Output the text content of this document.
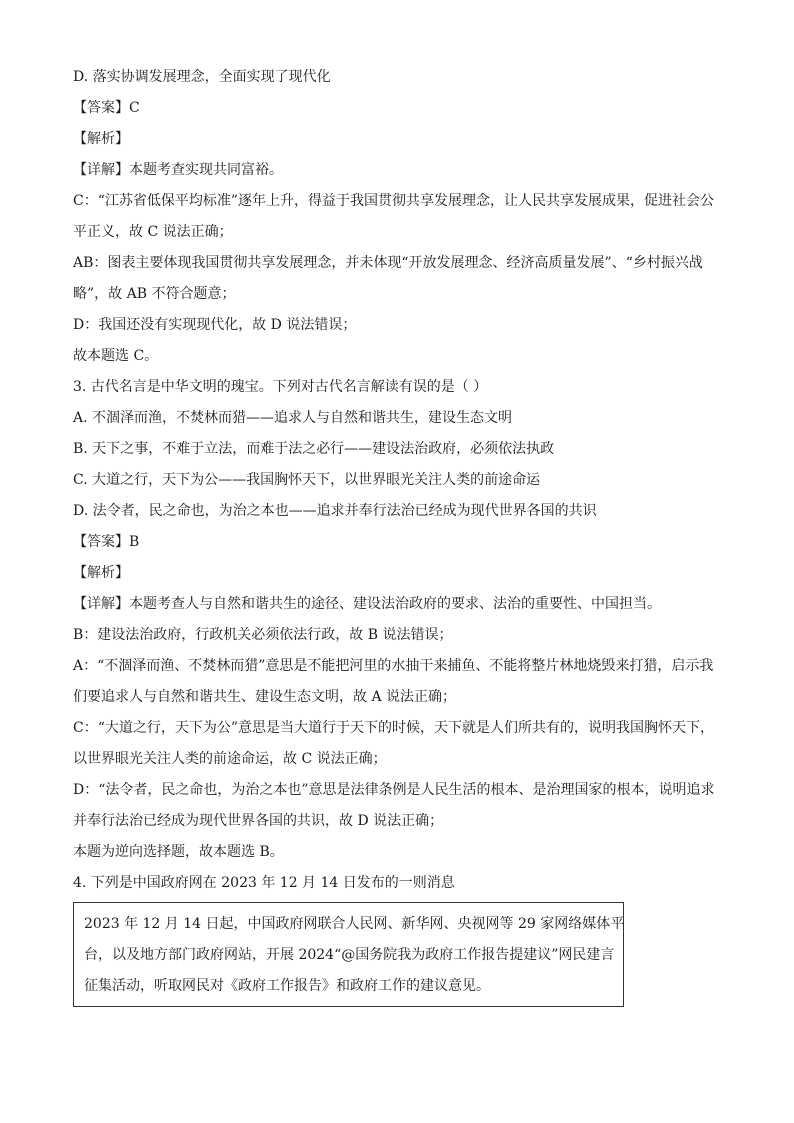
D. 落实协调发展理念，全面实现了现代化
【答案】C
【解析】
【详解】本题考查实现共同富裕。
C：“江苏省低保平均标准”逐年上升，得益于我国贯彻共享发展理念，让人民共享发展成果，促进社会公
平正义，故 C 说法正确；
AB：图表主要体现我国贯彻共享发展理念，并未体现“开放发展理念、经济高质量发展”、“乡村振兴战
略”，故 AB 不符合题意；
D：我国还没有实现现代化，故 D 说法错误；
故本题选 C。
3. 古代名言是中华文明的瑰宝。下列对古代名言解读有误的是（ ）
A. 不涸泽而渔，不焚林而猎——追求人与自然和谐共生，建设生态文明
B. 天下之事，不难于立法，而难于法之必行——建设法治政府，必须依法执政
C. 大道之行，天下为公——我国胸怀天下，以世界眼光关注人类的前途命运
D. 法令者，民之命也，为治之本也——追求并奉行法治已经成为现代世界各国的共识
【答案】B
【解析】
【详解】本题考查人与自然和谐共生的途径、建设法治政府的要求、法治的重要性、中国担当。
B：建设法治政府，行政机关必须依法行政，故 B 说法错误；
A：“不涸泽而渔、不焚林而猎”意思是不能把河里的水抽干来捕鱼、不能将整片林地烧毁来打猎，启示我
们要追求人与自然和谐共生、建设生态文明，故 A 说法正确；
C：“大道之行，天下为公”意思是当大道行于天下的时候，天下就是人们所共有的，说明我国胸怀天下，
以世界眼光关注人类的前途命运，故 C 说法正确；
D：“法令者，民之命也，为治之本也”意思是法律条例是人民生活的根本、是治理国家的根本，说明追求
并奉行法治已经成为现代世界各国的共识，故 D 说法正确；
本题为逆向选择题，故本题选 B。
4. 下列是中国政府网在 2023 年 12 月 14 日发布的一则消息
2023 年 12 月 14 日起，中国政府网联合人民网、新华网、央视网等 29 家网络媒体平
台，以及地方部门政府网站，开展 2024“@国务院我为政府工作报告提建议”网民建言
征集活动，听取网民对《政府工作报告》和政府工作的建议意见。
